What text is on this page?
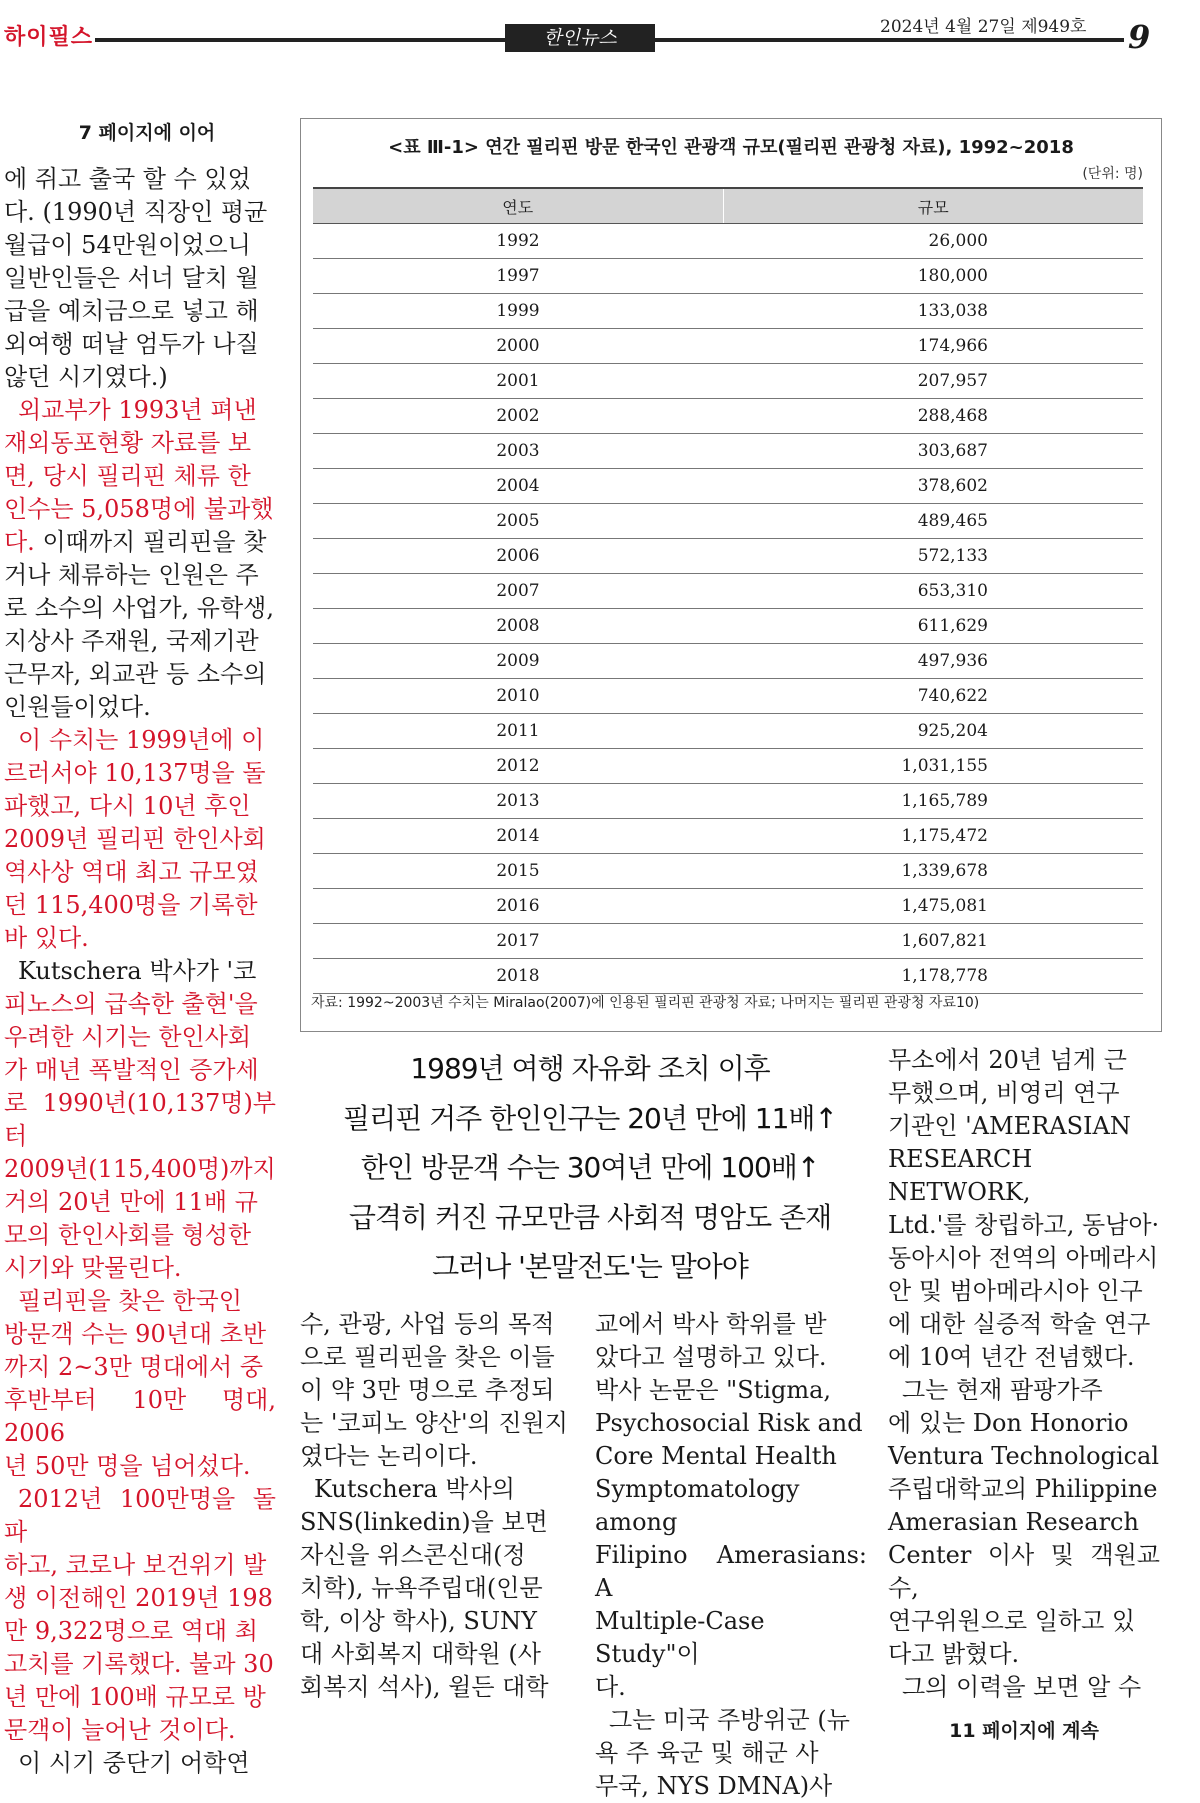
하이필스	한인뉴스	2024년 4월 27일 제949호 9
7 페이지에 이어

에 쥐고 출국 할 수 있었

다. (1990년 직장인 평균

월급이 54만원이었으니

일반인들은 서너 달치 월

급을 예치금으로 넣고 해

외여행 떠날 엄두가 나질

않던 시기였다.)

외교부가 1993년 펴낸

재외동포현황 자료를 보

면, 당시 필리핀 체류 한

인수는 5,058명에 불과했

다. 이때까지 필리핀을 찾

거나 체류하는 인원은 주

로 소수의 사업가, 유학생,

지상사 주재원, 국제기관

근무자, 외교관 등 소수의

인원들이었다.

이 수치는 1999년에 이

르러서야 10,137명을 돌

파했고, 다시 10년 후인

2009년 필리핀 한인사회

역사상 역대 최고 규모였

던 115,400명을 기록한

바 있다.

Kutschera 박사가 '코

피노스의 급속한 출현'을

우려한 시기는 한인사회

가 매년 폭발적인 증가세

로 1990년(10,137명)부터

2009년(115,400명)까지

거의 20년 만에 11배 규

모의 한인사회를 형성한

시기와 맞물린다.

필리핀을 찾은 한국인

방문객 수는 90년대 초반

까지 2~3만 명대에서 중

후반부터 10만 명대, 2006

년 50만 명을 넘어섰다.

2012년 100만명을 돌파

하고, 코로나 보건위기 발

생 이전해인 2019년 198

만 9,322명으로 역대 최

고치를 기록했다. 불과 30

년 만에 100배 규모로 방

문객이 늘어난 것이다.

이 시기 중단기 어학연

<표 Ⅲ-1> 연간 필리핀 방문 한국인 관광객 규모(필리핀 관광청 자료), 1992~2018
(단위: 명)
연도	규모
1992	26,000
1997	180,000
1999	133,038
2000	174,966
2001	207,957
2002	288,468
2003	303,687
2004	378,602
2005	489,465
2006	572,133
2007	653,310
2008	611,629
2009	497,936
2010	740,622
2011	925,204
2012	1,031,155
2013	1,165,789
2014	1,175,472
2015	1,339,678
2016	1,475,081
2017	1,607,821
2018	1,178,778
자료: 1992~2003년 수치는 Miralao(2007)에 인용된 필리핀 관광청 자료; 나머지는 필리핀 관광청 자료10)
1989년 여행 자유화 조치 이후
필리핀 거주 한인인구는 20년 만에 11배↑
한인 방문객 수는 30여년 만에 100배↑
급격히 커진 규모만큼 사회적 명암도 존재
그러나 '본말전도'는 말아야

수, 관광, 사업 등의 목적

으로 필리핀을 찾은 이들

이 약 3만 명으로 추정되

는 '코피노 양산'의 진원지

였다는 논리이다.

Kutschera 박사의

SNS(linkedin)을 보면

자신을 위스콘신대(정

치학), 뉴욕주립대(인문

학, 이상 학사), SUNY

대 사회복지 대학원 (사

회복지 석사), 윌든 대학

교에서 박사 학위를 받

았다고 설명하고 있다.

박사 논문은 "Stigma,

Psychosocial Risk and

Core Mental Health

Symptomatology among

Filipino Amerasians: A

Multiple-Case Study"이

다.

그는 미국 주방위군 (뉴

욕 주 육군 및 해군 사

무국, NYS DMNA)사

무소에서 20년 넘게 근

무했으며, 비영리 연구

기관인 'AMERASIAN

RESEARCH NETWORK,

Ltd.'를 창립하고, 동남아·

동아시아 전역의 아메라시

안 및 범아메라시아 인구

에 대한 실증적 학술 연구

에 10여 년간 전념했다.

그는 현재 팜팡가주

에 있는 Don Honorio

Ventura Technological

주립대학교의 Philippine

Amerasian Research

Center 이사 및 객원교수,

연구위원으로 일하고 있

다고 밝혔다.

그의 이력을 보면 알 수

11 페이지에 계속
